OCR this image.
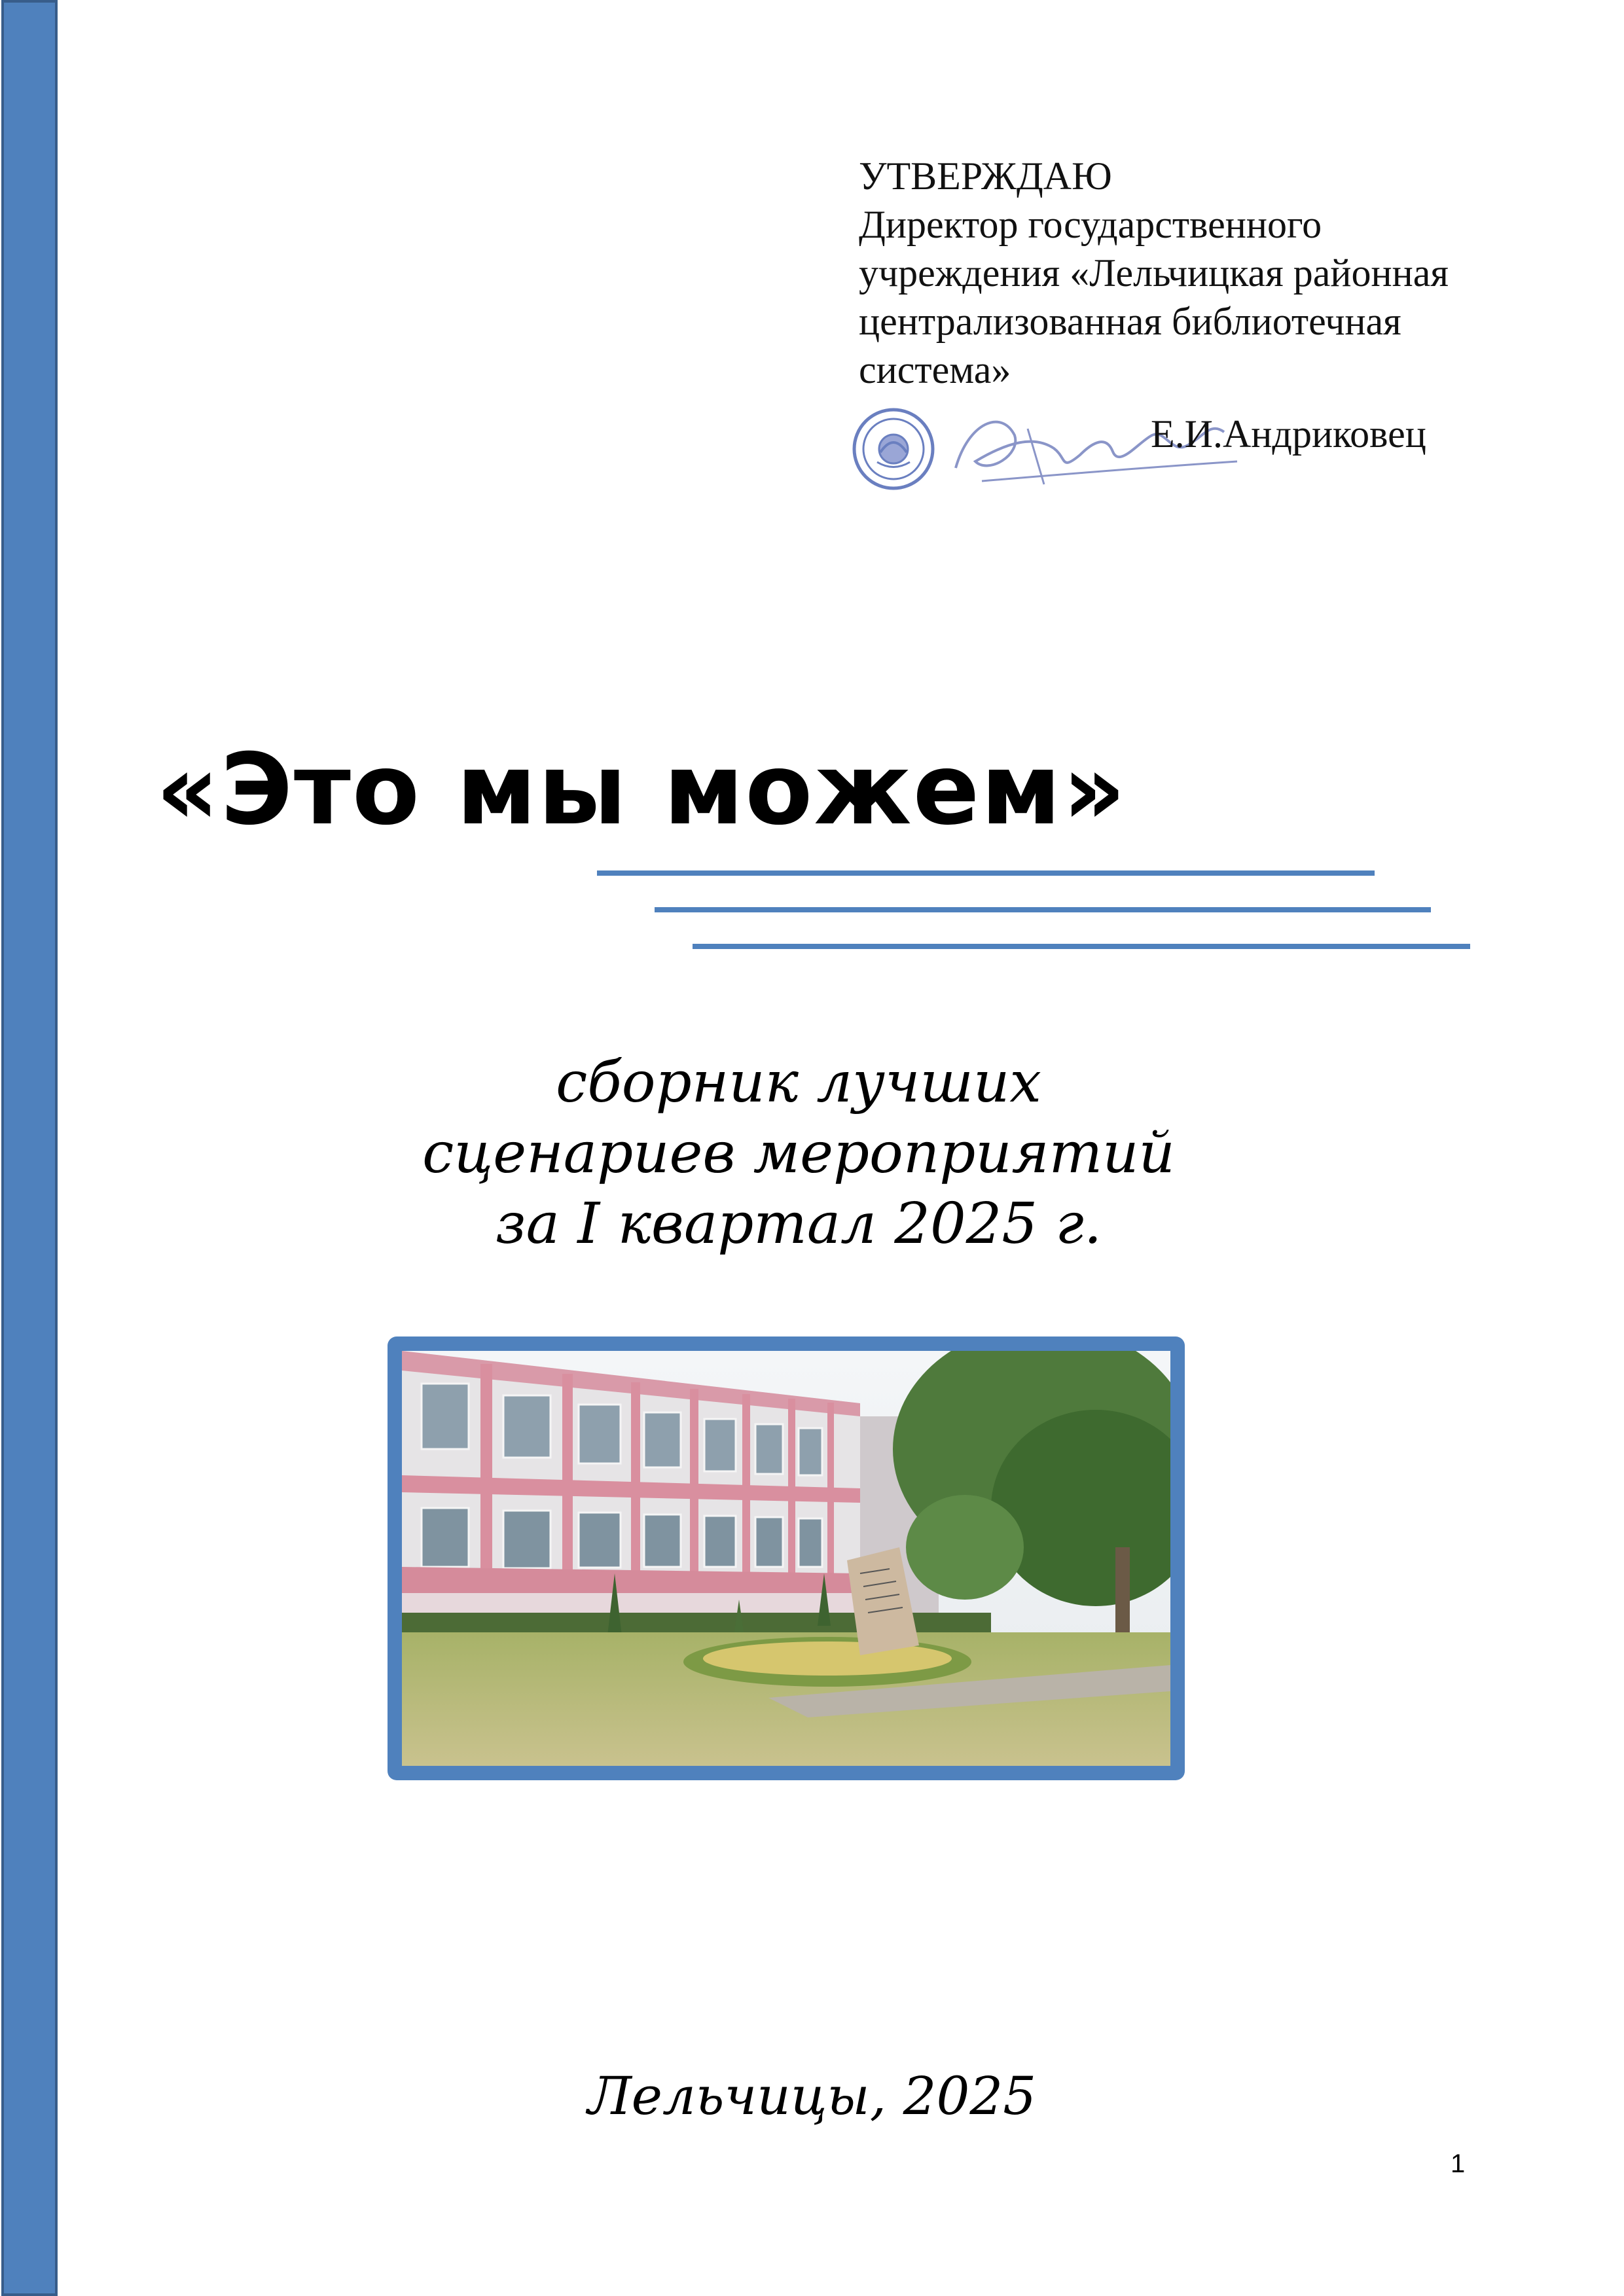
УТВЕРЖДАЮ
Директор государственного
учреждения «Лельчицкая районная
централизованная библиотечная
система»
Е.И.Андриковец
«Это мы можем»
сборник лучших
сценариев мероприятий
за I квартал 2025 г.
Лельчицы, 2025
1
